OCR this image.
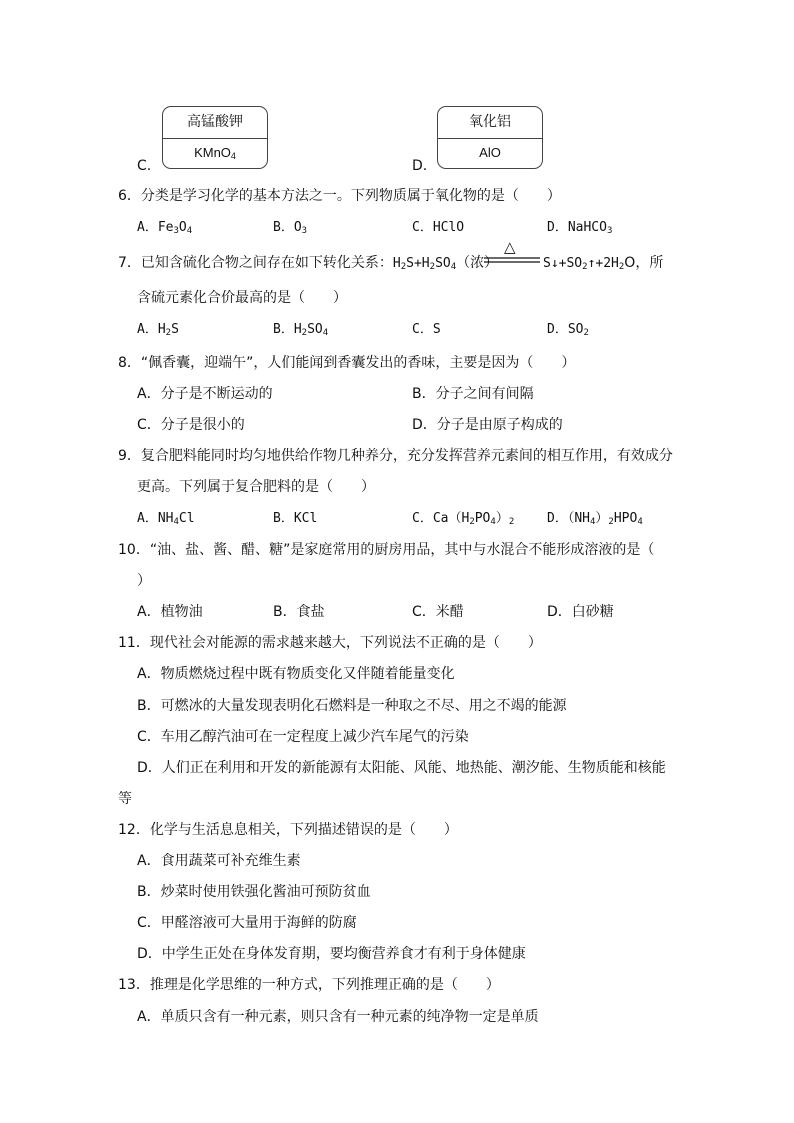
C.
高锰酸钾
KMnO$_4$
D.
氧化铝
AlO
6．分类是学习化学的基本方法之一。下列物质属于氧化物的是（　　）
A．$Fe_3O_4$	B．$O_3$	C．HClO	D．NaHCO$_3$
7．已知含硫化合物之间存在如下转化关系：$H_2S+H_2SO_4$（浓）
△
$S↓+SO_2↑+2H_2O$，所
含硫元素化合价最高的是（　　）
A．$H_2S$	B．$H_2SO_4$	C．S	D．$SO_2$
8．“佩香囊，迎端午”，人们能闻到香囊发出的香味，主要是因为（　　）
A．分子是不断运动的	B．分子之间有间隔
C．分子是很小的	D．分子是由原子构成的
9．复合肥料能同时均匀地供给作物几种养分，充分发挥营养元素间的相互作用，有效成分
更高。下列属于复合肥料的是（　　）
A．$NH_4Cl$	B．KCl	C．$Ca(H_2PO_4)_2$	D．$(NH_4)_2HPO_4$
10．“油、盐、酱、醋、糖”是家庭常用的厨房用品，其中与水混合不能形成溶液的是（
）
A．植物油	B．食盐	C．米醋	D．白砂糖
11．现代社会对能源的需求越来越大，下列说法不正确的是（　　）
A．物质燃烧过程中既有物质变化又伴随着能量变化
B．可燃冰的大量发现表明化石燃料是一种取之不尽、用之不竭的能源
C．车用乙醇汽油可在一定程度上减少汽车尾气的污染
D．人们正在利用和开发的新能源有太阳能、风能、地热能、潮汐能、生物质能和核能
等
12．化学与生活息息相关，下列描述错误的是（　　）
A．食用蔬菜可补充维生素
B．炒菜时使用铁强化酱油可预防贫血
C．甲醛溶液可大量用于海鲜的防腐
D．中学生正处在身体发育期，要均衡营养食才有利于身体健康
13．推理是化学思维的一种方式，下列推理正确的是（　　）
A．单质只含有一种元素，则只含有一种元素的纯净物一定是单质
